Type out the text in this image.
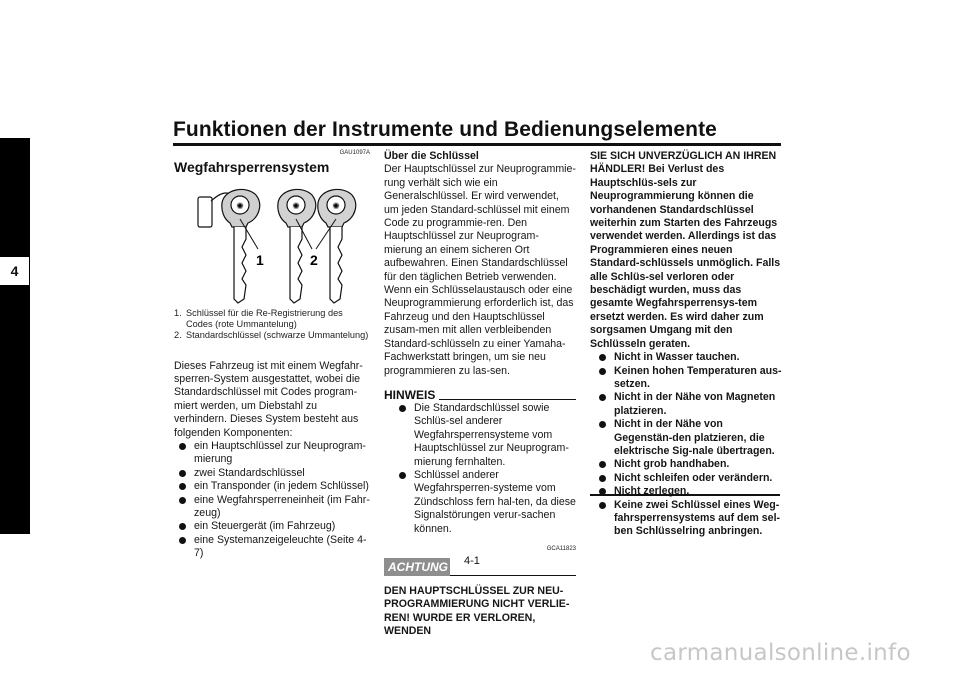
Funktionen der Instrumente und Bedienungselemente
4
GAU1097A
Wegfahrsperrensystem
✺	✺	✺
1	2
1. Schlüssel für die Re-Registrierung des Codes (rote Ummantelung)
2. Standardschlüssel (schwarze Ummantelung)

Dieses Fahrzeug ist mit einem Wegfahr-sperren-System ausgestattet, wobei die Standardschlüssel mit Codes program-miert werden, um Diebstahl zu verhindern. Dieses System besteht aus folgenden Komponenten:

ein Hauptschlüssel zur Neuprogram-mierung
zwei Standardschlüssel
ein Transponder (in jedem Schlüssel)
eine Wegfahrsperreneinheit (im Fahr-zeug)
ein Steuergerät (im Fahrzeug)
eine Systemanzeigeleuchte (Seite 4-7)

Über die Schlüssel

Der Hauptschlüssel zur Neuprogrammie-rung verhält sich wie ein Generalschlüssel. Er wird verwendet, um jeden Standard-schlüssel mit einem Code zu programmie-ren. Den Hauptschlüssel zur Neuprogram-mierung an einem sicheren Ort aufbewahren. Einen Standardschlüssel für den täglichen Betrieb verwenden. Wenn ein Schlüsselaustausch oder eine Neuprogrammierung erforderlich ist, das Fahrzeug und den Hauptschlüssel zusam-men mit allen verbleibenden Standard-schlüsseln zu einer Yamaha-Fachwerkstatt bringen, um sie neu programmieren zu las-sen.

HINWEIS
Die Standardschlüssel sowie Schlüs-sel anderer Wegfahrsperrensysteme vom Hauptschlüssel zur Neuprogram-mierung fernhalten.
Schlüssel anderer Wegfahrsperren-systeme vom Zündschloss fern hal-ten, da diese Signalstörungen verur-sachen können.
GCA11823
ACHTUNG

DEN HAUPTSCHLÜSSEL ZUR NEU-PROGRAMMIERUNG NICHT VERLIE-REN! WURDE ER VERLOREN, WENDEN

SIE SICH UNVERZÜGLICH AN IHREN HÄNDLER! Bei Verlust des Hauptschlüs-sels zur Neuprogrammierung können die vorhandenen Standardschlüssel weiterhin zum Starten des Fahrzeugs verwendet werden. Allerdings ist das Programmieren eines neuen Standard-schlüssels unmöglich. Falls alle Schlüs-sel verloren oder beschädigt wurden, muss das gesamte Wegfahrsperrensys-tem ersetzt werden. Es wird daher zum sorgsamen Umgang mit den Schlüsseln geraten.

Nicht in Wasser tauchen.
Keinen hohen Temperaturen aus-setzen.
Nicht in der Nähe von Magneten platzieren.
Nicht in der Nähe von Gegenstän-den platzieren, die elektrische Sig-nale übertragen.
Nicht grob handhaben.
Nicht schleifen oder verändern.
Nicht zerlegen.
Keine zwei Schlüssel eines Weg-fahrsperrensystems auf dem sel-ben Schlüsselring anbringen.
4-1
carmanualsonline.info
